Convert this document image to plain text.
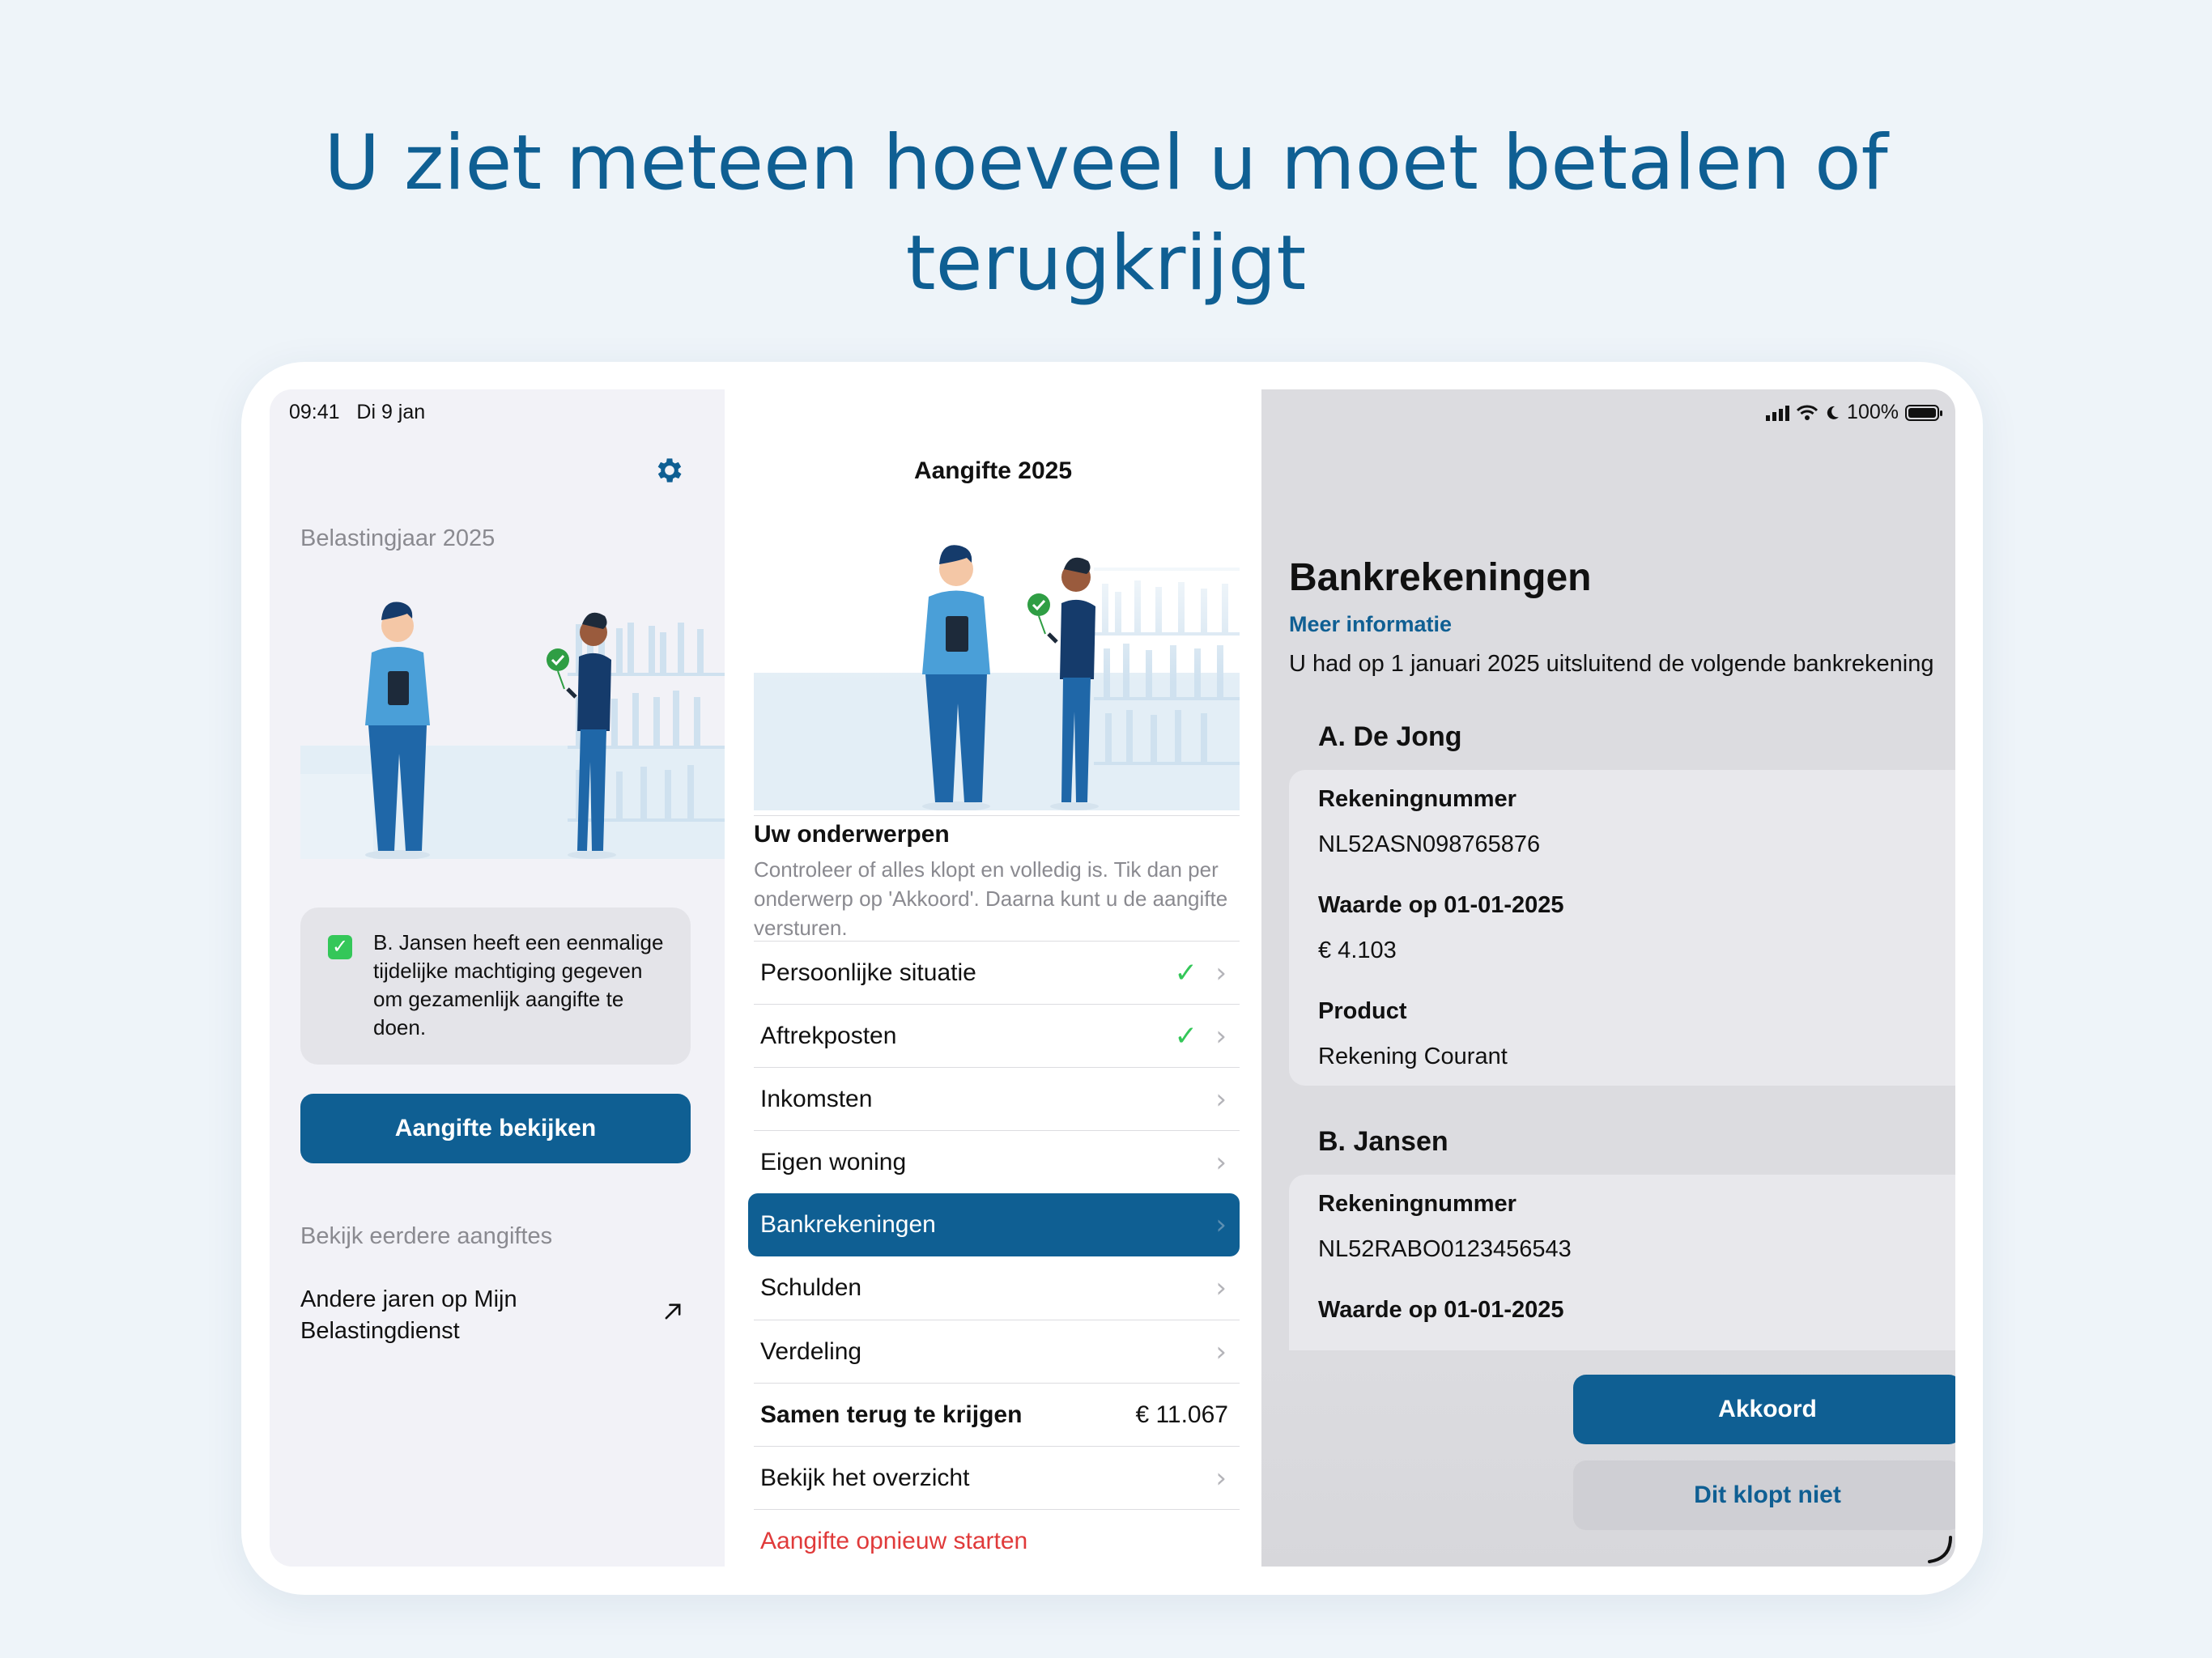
U ziet meteen hoeveel u moet betalen of
terugkrijgt
09:41 Di 9 jan
Belastingjaar 2025
✓ B. Jansen heeft een eenmalige tijdelijke machtiging gegeven om gezamenlijk aangifte te doen.
Aangifte bekijken
Bekijk eerdere aangiftes
Andere jaren op Mijn Belastingdienst
Aangifte 2025
Uw onderwerpen
Controleer of alles klopt en volledig is. Tik dan per onderwerp op 'Akkoord'. Daarna kunt u de aangifte versturen.
Persoonlijke situatie	✓ ›
Aftrekposten	✓ ›
Inkomsten	›
Eigen woning	›
Bankrekeningen	›
Schulden	›
Verdeling	›
Samen terug te krijgen	€ 11.067
Bekijk het overzicht	›
Aangifte opnieuw starten
100%
Bankrekeningen
Meer informatie
U had op 1 januari 2025 uitsluitend de volgende bankrekening
A. De Jong
Rekeningnummer
NL52ASN098765876
Waarde op 01-01-2025
€ 4.103
Product
Rekening Courant
B. Jansen
Rekeningnummer
NL52RABO0123456543
Waarde op 01-01-2025
Akkoord
Dit klopt niet
